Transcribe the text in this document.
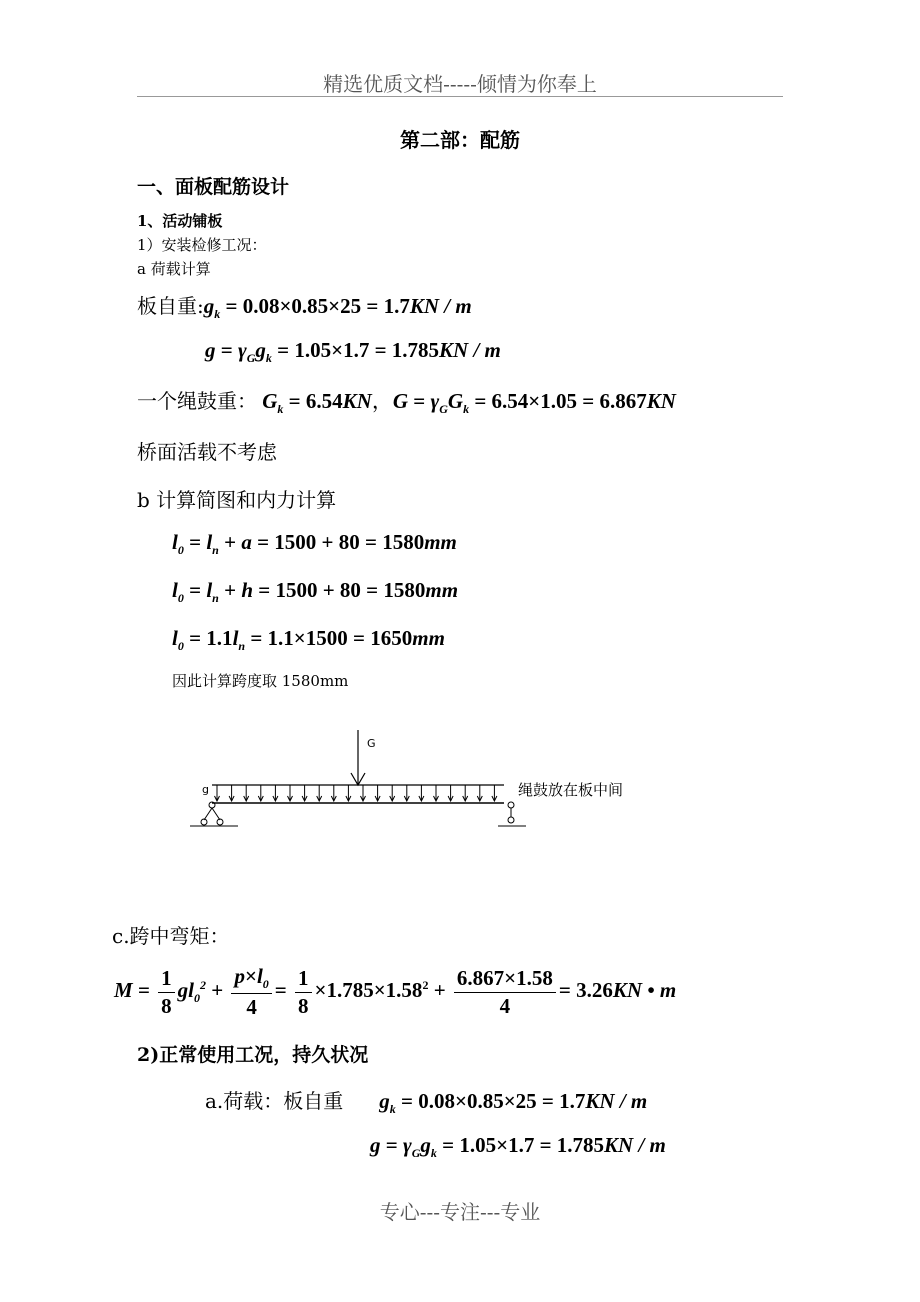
精选优质文档-----倾情为你奉上
第二部：配筋
一、面板配筋设计
1、活动铺板
1）安装检修工况：
a 荷载计算
板自重$:g_k = 0.08\times 0.85\times 25 = 1.7KN / m$
$g = \gamma_Gg_k = 1.05\times 1.7 = 1.785KN / m$
一个绳鼓重： $G_k = 6.54KN$，$G = \gamma_GG_k = 6.54\times 1.05 = 6.867KN$
桥面活载不考虑
b 计算简图和内力计算
$l_0 = l_n + a = 1500 + 80 = 1580mm$
$l_0 = l_n + h = 1500 + 80 = 1580mm$
$l_0 = 1.1l_n = 1.1\times 1500 = 1650mm$
因此计算跨度取 1580mm
G
g	绳鼓放在板中间
c.跨中弯矩：
$M = \frac{1}{8} gl_0^2 + \frac{p\times l_0}{4} = \frac{1}{8} \times 1.785\times 1.58^2 + \frac{6.867\times 1.58}{4} = 3.26KN$ • m
2)正常使用工况，持久状况
a.荷载：板自重 $g_k = 0.08\times 0.85\times 25 = 1.7KN / m$
$g = \gamma_Gg_k = 1.05\times 1.7 = 1.785KN / m$
专心---专注---专业
